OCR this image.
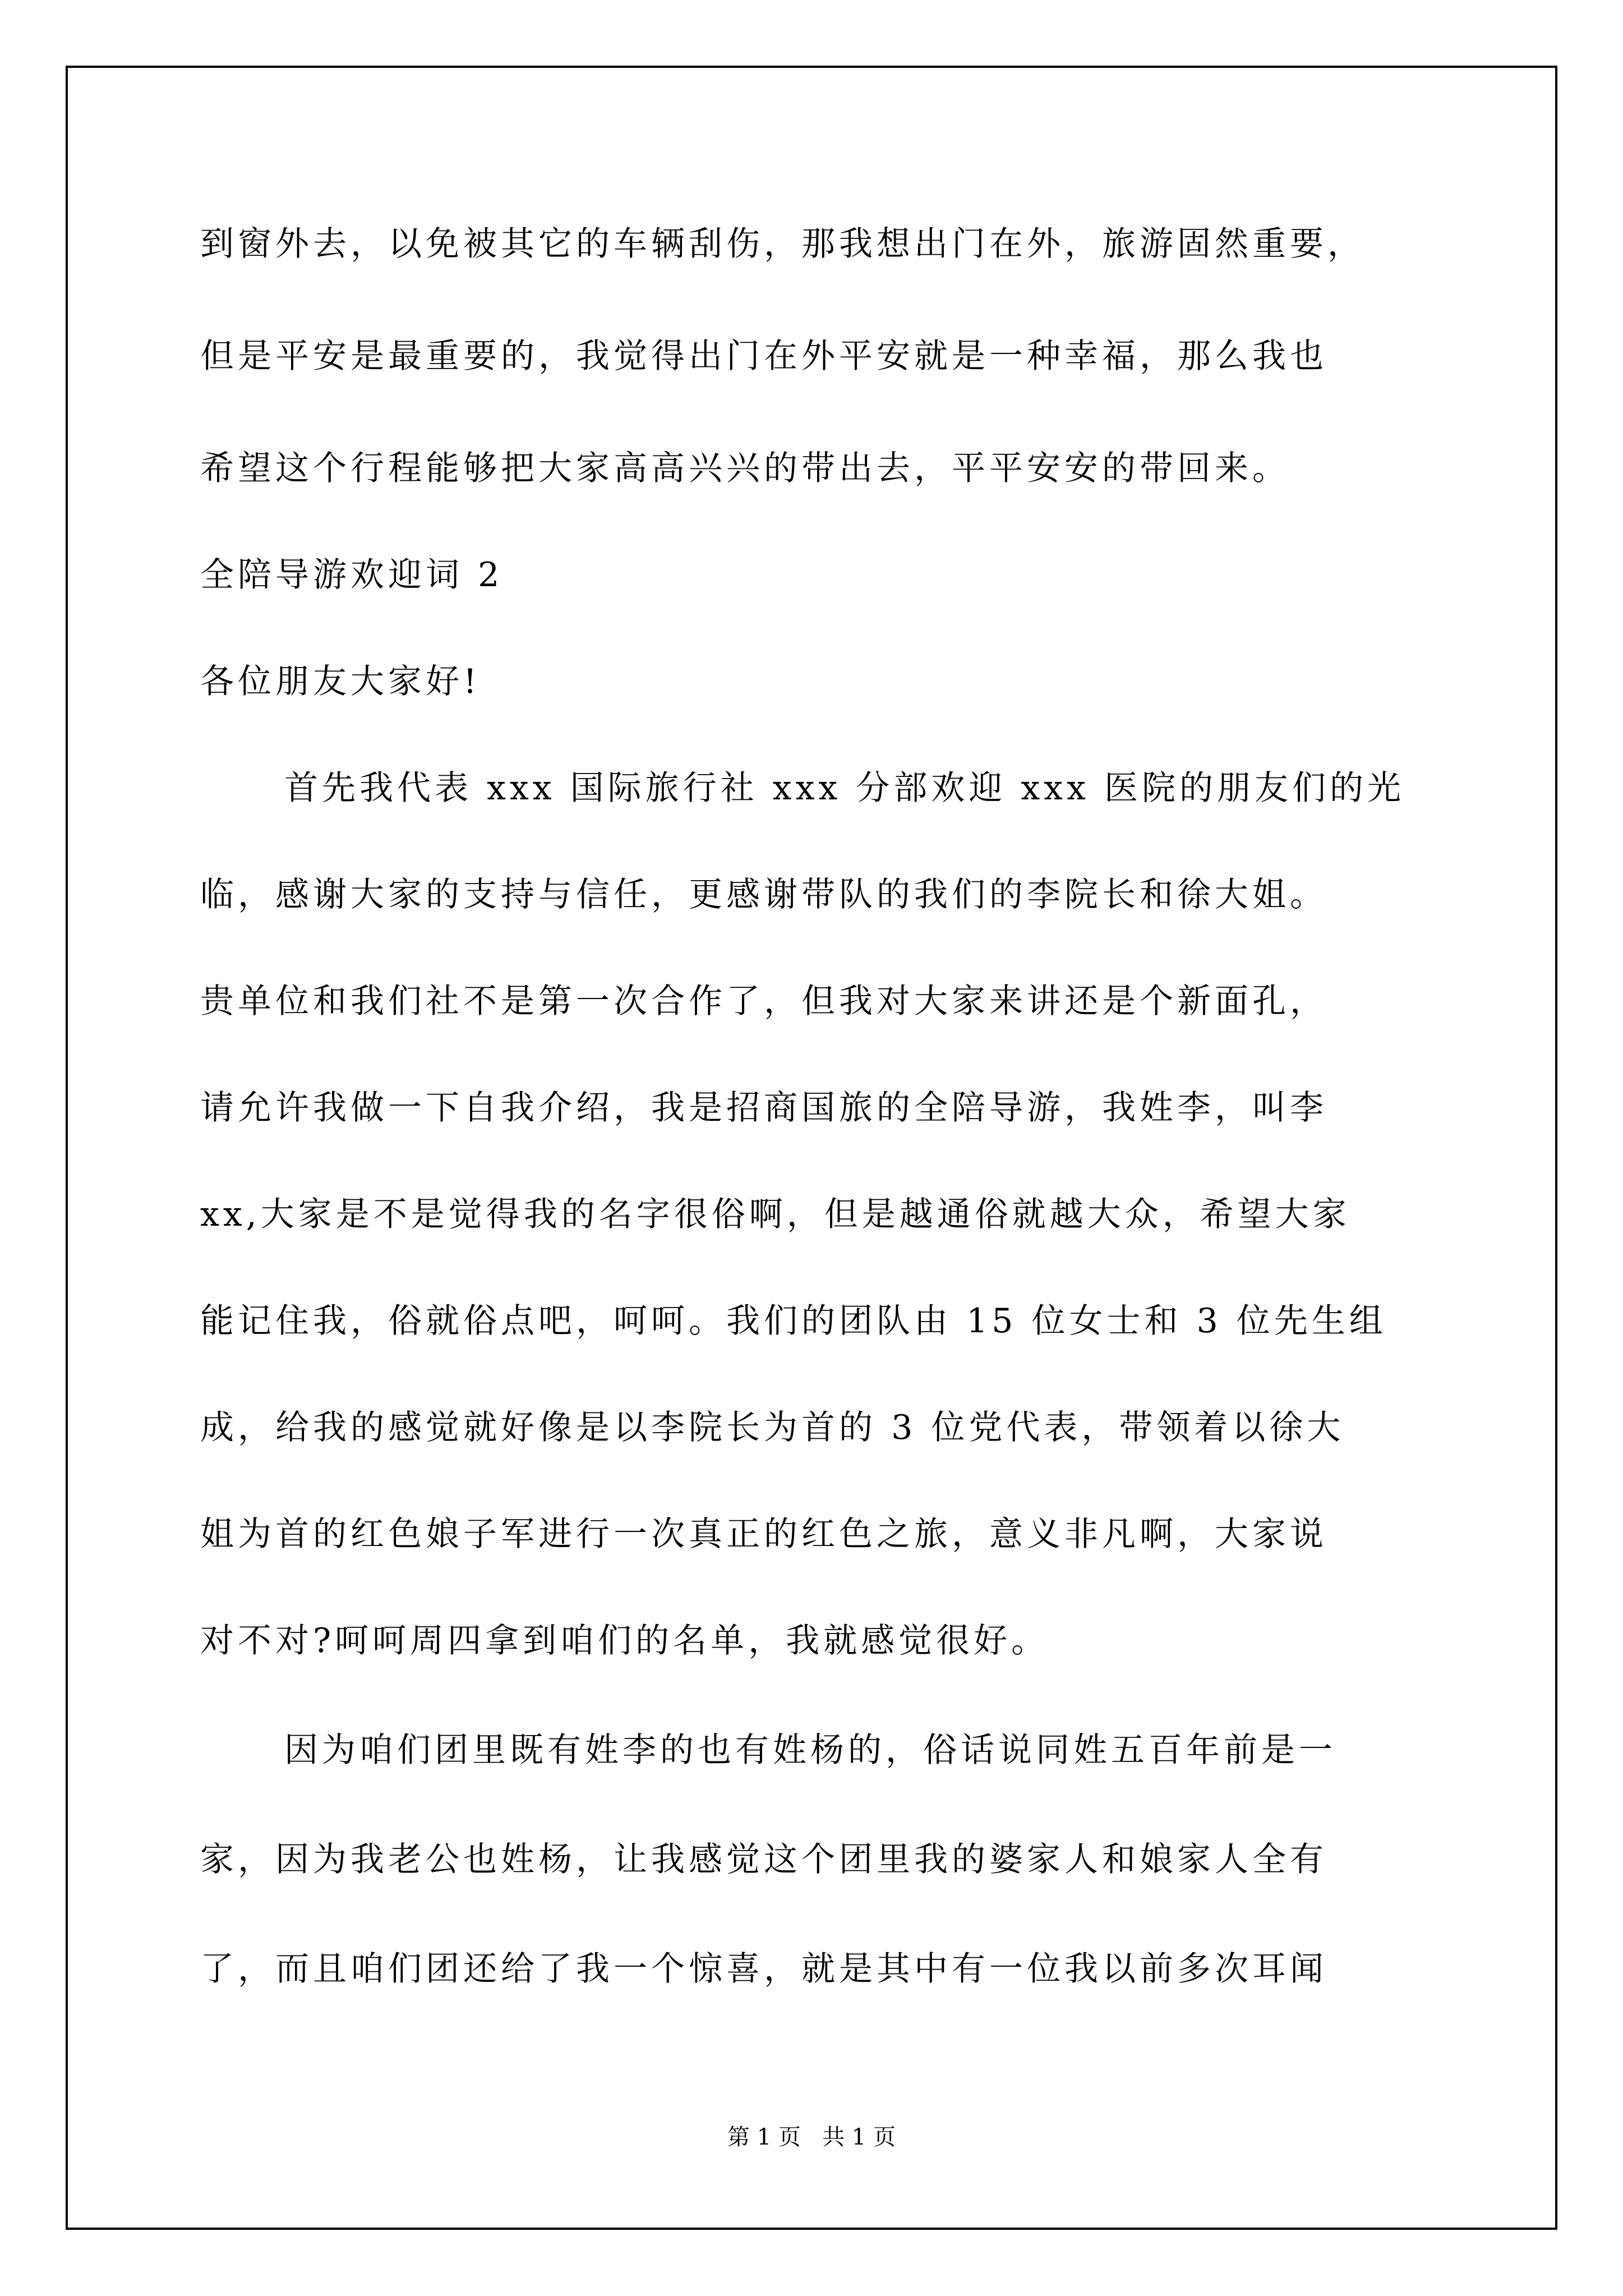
到窗外去，以免被其它的车辆刮伤，那我想出门在外，旅游固然重要，
但是平安是最重要的，我觉得出门在外平安就是一种幸福，那么我也
希望这个行程能够把大家高高兴兴的带出去，平平安安的带回来。
全陪导游欢迎词 2
各位朋友大家好!
首先我代表 xxx 国际旅行社 xxx 分部欢迎 xxx 医院的朋友们的光
临，感谢大家的支持与信任，更感谢带队的我们的李院长和徐大姐。
贵单位和我们社不是第一次合作了，但我对大家来讲还是个新面孔，
请允许我做一下自我介绍，我是招商国旅的全陪导游，我姓李，叫李
xx,大家是不是觉得我的名字很俗啊，但是越通俗就越大众，希望大家
能记住我，俗就俗点吧，呵呵。我们的团队由 15 位女士和 3 位先生组
成，给我的感觉就好像是以李院长为首的 3 位党代表，带领着以徐大
姐为首的红色娘子军进行一次真正的红色之旅，意义非凡啊，大家说
对不对?呵呵周四拿到咱们的名单，我就感觉很好。
因为咱们团里既有姓李的也有姓杨的，俗话说同姓五百年前是一
家，因为我老公也姓杨，让我感觉这个团里我的婆家人和娘家人全有
了，而且咱们团还给了我一个惊喜，就是其中有一位我以前多次耳闻
第 1 页   共 1 页
